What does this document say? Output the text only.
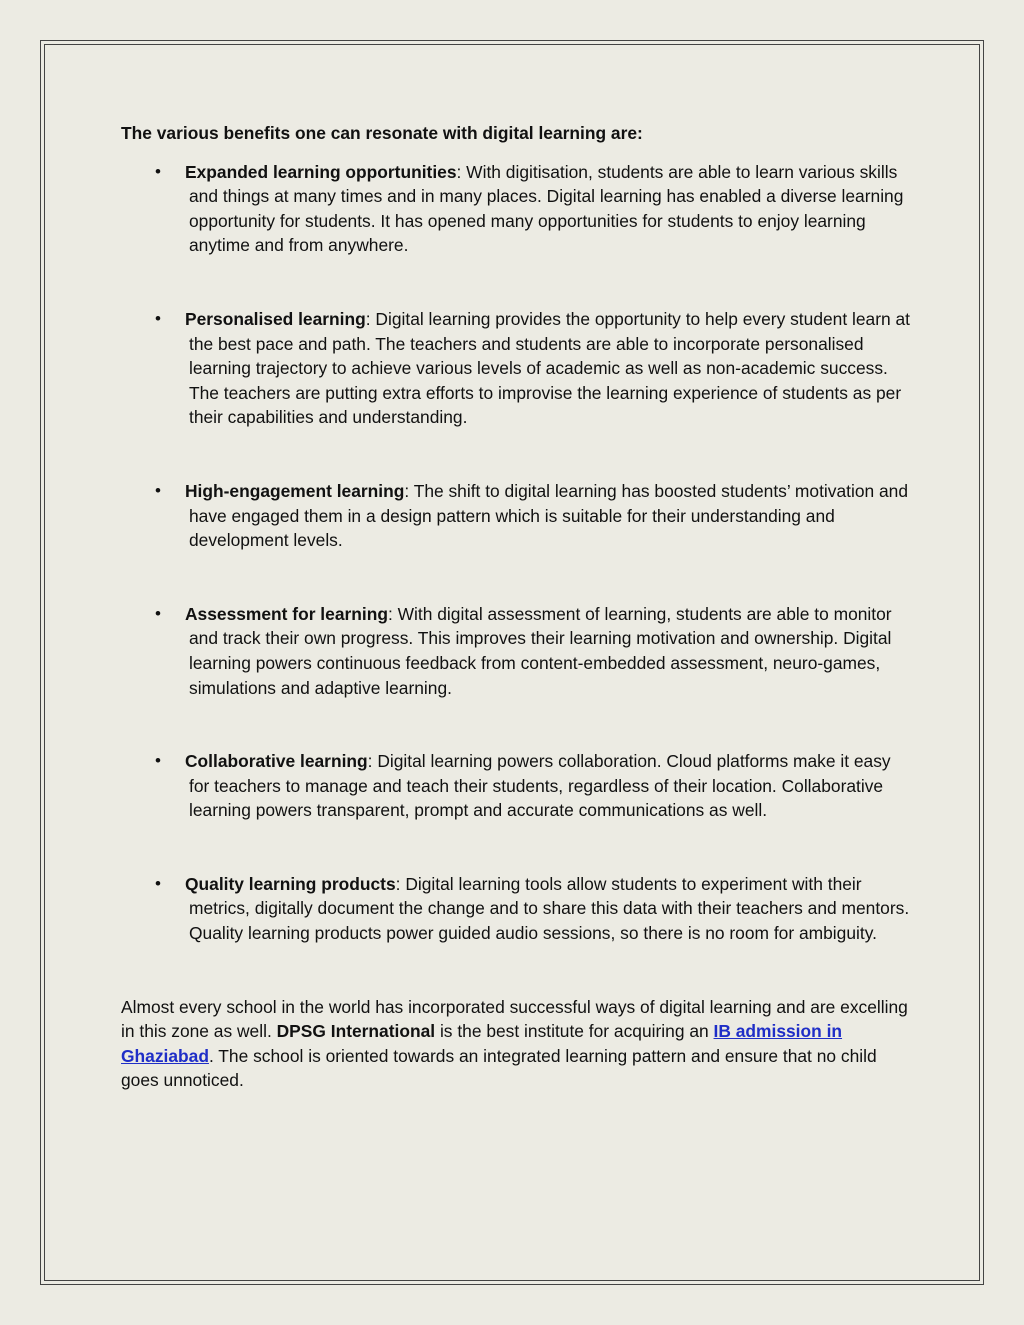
The various benefits one can resonate with digital learning are:

• Expanded learning opportunities: With digitisation, students are able to learn various skills and things at many times and in many places. Digital learning has enabled a diverse learning opportunity for students. It has opened many opportunities for students to enjoy learning anytime and from anywhere.
• Personalised learning: Digital learning provides the opportunity to help every student learn at the best pace and path. The teachers and students are able to incorporate personalised learning trajectory to achieve various levels of academic as well as non-academic success. The teachers are putting extra efforts to improvise the learning experience of students as per their capabilities and understanding.
• High-engagement learning: The shift to digital learning has boosted students’ motivation and have engaged them in a design pattern which is suitable for their understanding and development levels.
• Assessment for learning: With digital assessment of learning, students are able to monitor and track their own progress. This improves their learning motivation and ownership. Digital learning powers continuous feedback from content-embedded assessment, neuro-games, simulations and adaptive learning.
• Collaborative learning: Digital learning powers collaboration. Cloud platforms make it easy for teachers to manage and teach their students, regardless of their location. Collaborative learning powers transparent, prompt and accurate communications as well.
• Quality learning products: Digital learning tools allow students to experiment with their metrics, digitally document the change and to share this data with their teachers and mentors. Quality learning products power guided audio sessions, so there is no room for ambiguity.

Almost every school in the world has incorporated successful ways of digital learning and are excelling in this zone as well. DPSG International is the best institute for acquiring an IB admission in Ghaziabad. The school is oriented towards an integrated learning pattern and ensure that no child goes unnoticed.
